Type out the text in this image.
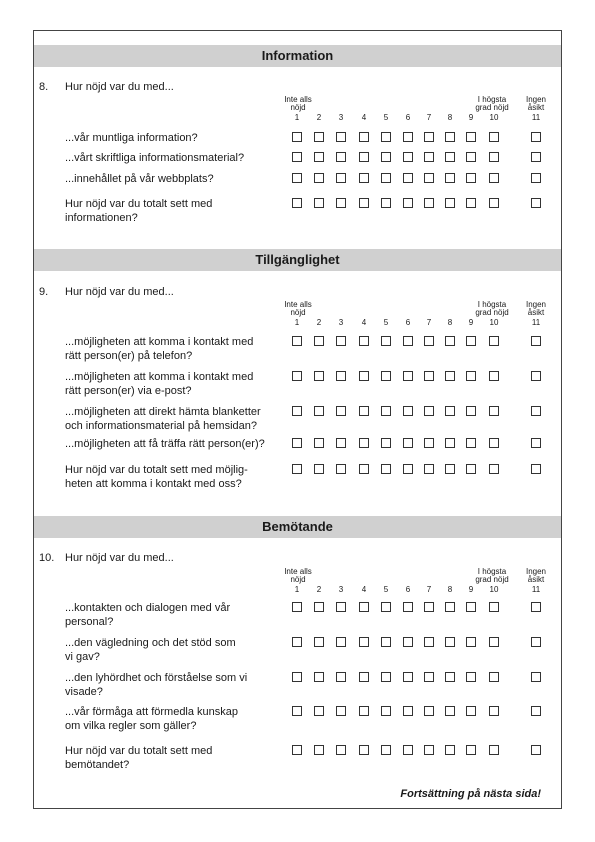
Fortsättning på nästa sida!
Information
8. Hur nöjd var du med...
Inte alls
nöjd
I högsta
grad nöjd
Ingen
åsikt
1	2	3	4	5	6	7	8	9	10	11
...vår muntliga information?
...vårt skriftliga informationsmaterial?
...innehållet på vår webbplats?
Hur nöjd var du totalt sett med
informationen?
Tillgänglighet
9. Hur nöjd var du med...
Inte alls
nöjd
I högsta
grad nöjd
Ingen
åsikt
1	2	3	4	5	6	7	8	9	10	11
...möjligheten att komma i kontakt med
rätt person(er) på telefon?
...möjligheten att komma i kontakt med
rätt person(er) via e-post?
...möjligheten att direkt hämta blanketter
och informationsmaterial på hemsidan?
...möjligheten att få träffa rätt person(er)?
Hur nöjd var du totalt sett med möjlig-
heten att komma i kontakt med oss?
Bemötande
10. Hur nöjd var du med...
Inte alls
nöjd
I högsta
grad nöjd
Ingen
åsikt
1	2	3	4	5	6	7	8	9	10	11
...kontakten och dialogen med vår
personal?
...den vägledning och det stöd som
vi gav?
...den lyhördhet och förståelse som vi
visade?
...vår förmåga att förmedla kunskap
om vilka regler som gäller?
Hur nöjd var du totalt sett med
bemötandet?
